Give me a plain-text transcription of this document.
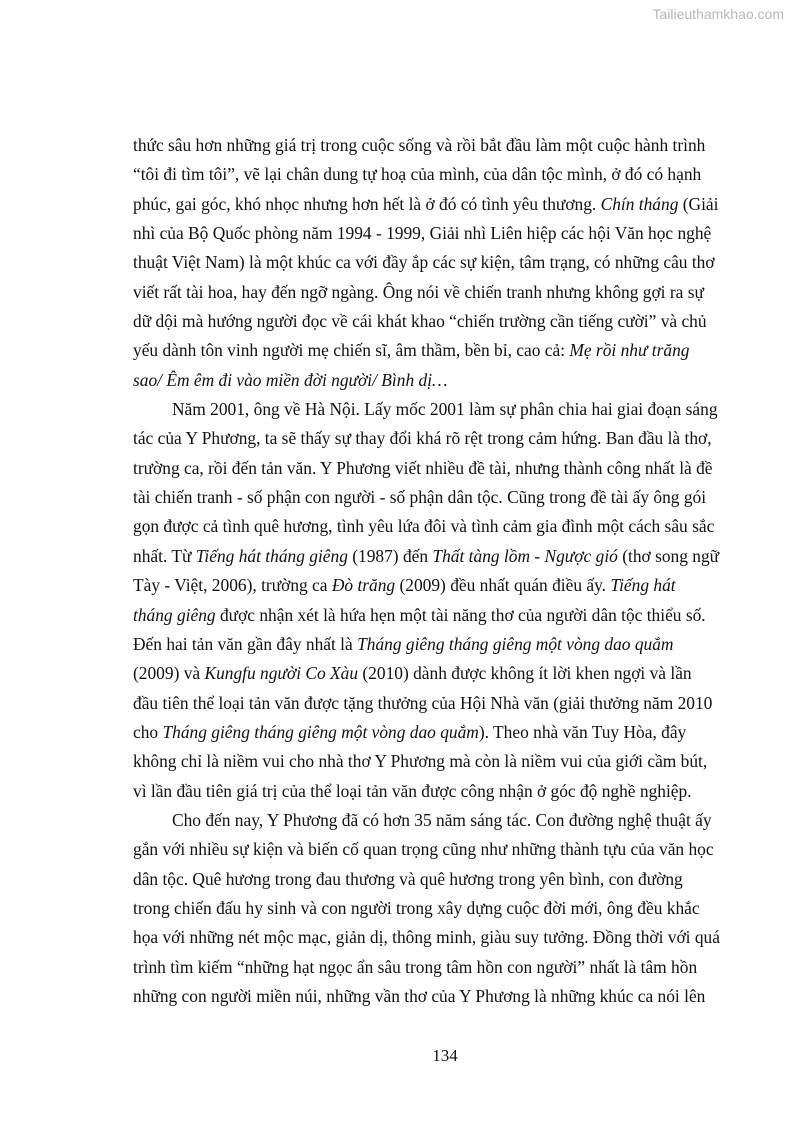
Tailieuthamkhao.com
thức sâu hơn những giá trị trong cuộc sống và rồi bắt đầu làm một cuộc hành trình
“tôi đi tìm tôi”, vẽ lại chân dung tự hoạ của mình, của dân tộc mình, ở đó có hạnh
phúc, gai góc, khó nhọc nhưng hơn hết là ở đó có tình yêu thương. Chín tháng (Giải
nhì của Bộ Quốc phòng năm 1994 - 1999, Giải nhì Liên hiệp các hội Văn học nghệ
thuật Việt Nam) là một khúc ca với đầy ắp các sự kiện, tâm trạng, có những câu thơ
viết rất tài hoa, hay đến ngỡ ngàng. Ông nói về chiến tranh nhưng không gợi ra sự
dữ dội mà hướng người đọc về cái khát khao “chiến trường cần tiếng cười” và chủ
yếu dành tôn vinh người mẹ chiến sĩ, âm thầm, bền bỉ, cao cả: Mẹ rồi như trăng
sao/ Êm êm đi vào miền đời người/ Bình dị…
Năm 2001, ông về Hà Nội. Lấy mốc 2001 làm sự phân chia hai giai đoạn sáng
tác của Y Phương, ta sẽ thấy sự thay đổi khá rõ rệt trong cảm hứng. Ban đầu là thơ,
trường ca, rồi đến tản văn. Y Phương viết nhiều đề tài, nhưng thành công nhất là đề
tài chiến tranh - số phận con người - số phận dân tộc. Cũng trong đề tài ấy ông gói
gọn được cả tình quê hương, tình yêu lứa đôi và tình cảm gia đình một cách sâu sắc
nhất. Từ Tiếng hát tháng giêng (1987) đến Thất tàng lồm - Ngược gió (thơ song ngữ
Tày - Việt, 2006), trường ca Đò trăng (2009) đều nhất quán điều ấy. Tiếng hát
tháng giêng được nhận xét là hứa hẹn một tài năng thơ của người dân tộc thiểu số.
Đến hai tản văn gần đây nhất là Tháng giêng tháng giêng một vòng dao quắm
(2009) và Kungfu người Co Xàu (2010) dành được không ít lời khen ngợi và lần
đầu tiên thể loại tản văn được tặng thưởng của Hội Nhà văn (giải thưởng năm 2010
cho Tháng giêng tháng giêng một vòng dao quắm). Theo nhà văn Tuy Hòa, đây
không chỉ là niềm vui cho nhà thơ Y Phương mà còn là niềm vui của giới cầm bút,
vì lần đầu tiên giá trị của thể loại tản văn được công nhận ở góc độ nghề nghiệp.
Cho đến nay, Y Phương đã có hơn 35 năm sáng tác. Con đường nghệ thuật ấy
gắn với nhiều sự kiện và biến cố quan trọng cũng như những thành tựu của văn học
dân tộc. Quê hương trong đau thương và quê hương trong yên bình, con đường
trong chiến đấu hy sinh và con người trong xây dựng cuộc đời mới, ông đều khắc
họa với những nét mộc mạc, giản dị, thông minh, giàu suy tưởng. Đồng thời với quá
trình tìm kiếm “những hạt ngọc ẩn sâu trong tâm hồn con người” nhất là tâm hồn
những con người miền núi, những vần thơ của Y Phương là những khúc ca nói lên
134
